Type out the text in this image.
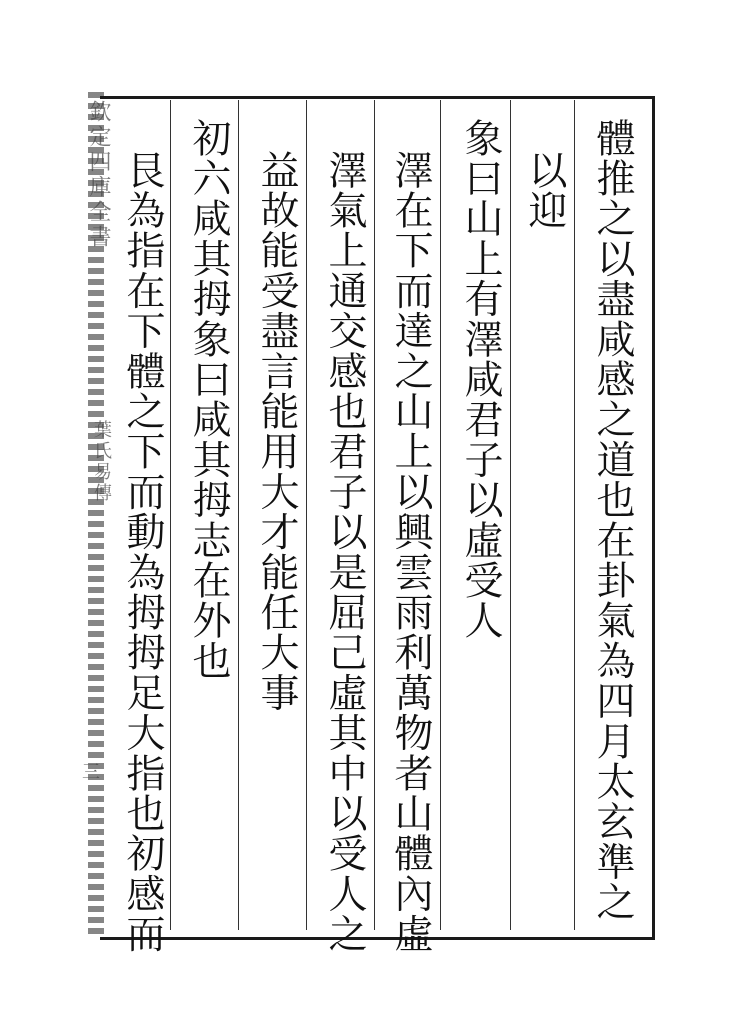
欽定四庫全書
葉氏易傳
三	體推之以盡咸感之道也在卦氣為四月太玄準之
以迎
象曰山上有澤咸君子以虛受人
澤在下而達之山上以興雲雨利萬物者山體內虛
澤氣上通交感也君子以是屈己虛其中以受人之
益故能受盡言能用大才能任大事
初六咸其拇象曰咸其拇志在外也
艮為指在下體之下而動為拇拇足大指也初感而
